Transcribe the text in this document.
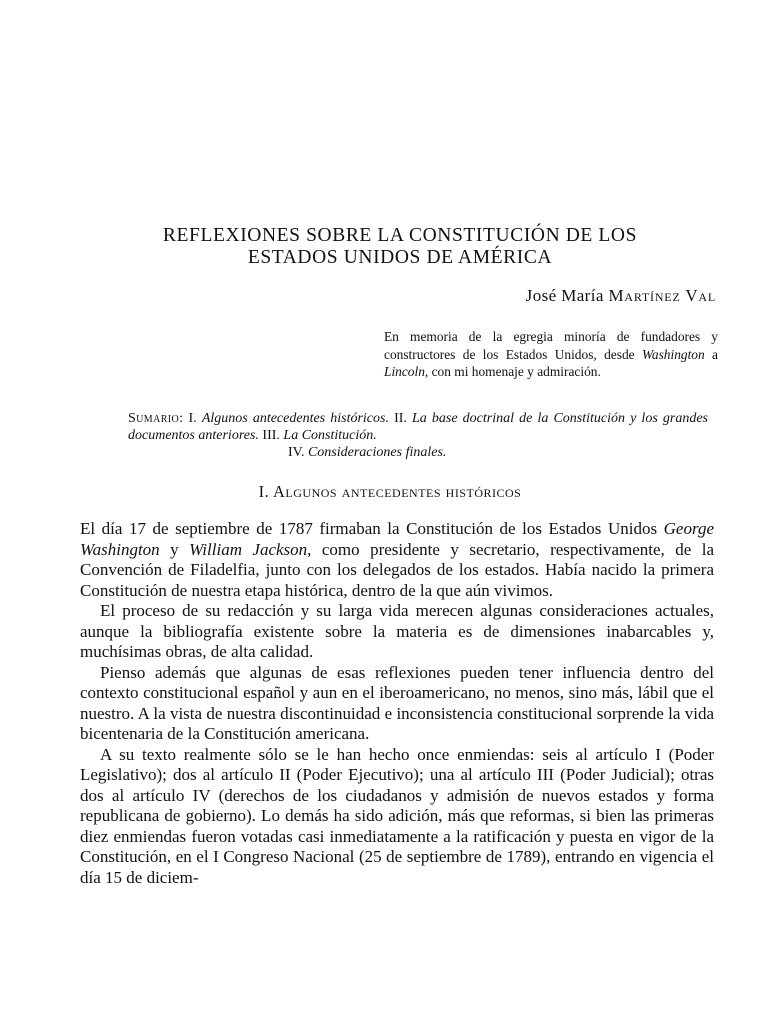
REFLEXIONES SOBRE LA CONSTITUCIÓN DE LOS
ESTADOS UNIDOS DE AMÉRICA
José María Martínez Val
En memoria de la egregia minoría de fundadores y constructores de los Estados Unidos, desde Washington a Lincoln, con mi homenaje y admiración.
Sumario: I. Algunos antecedentes históricos. II. La base doctrinal de la Constitución y los grandes documentos anteriores. III. La Constitución.
IV. Consideraciones finales.
I. Algunos antecedentes históricos

El día 17 de septiembre de 1787 firmaban la Constitución de los Estados Unidos George Washington y William Jackson, como presidente y secretario, respectivamente, de la Convención de Filadelfia, junto con los delegados de los estados. Había nacido la primera Constitución de nuestra etapa histórica, dentro de la que aún vivimos.

El proceso de su redacción y su larga vida merecen algunas consideraciones actuales, aunque la bibliografía existente sobre la materia es de dimensiones inabarcables y, muchísimas obras, de alta calidad.

Pienso además que algunas de esas reflexiones pueden tener influencia dentro del contexto constitucional español y aun en el iberoamericano, no menos, sino más, lábil que el nuestro. A la vista de nuestra discontinuidad e inconsistencia constitucional sorprende la vida bicentenaria de la Constitución americana.

A su texto realmente sólo se le han hecho once enmiendas: seis al artículo I (Poder Legislativo); dos al artículo II (Poder Ejecutivo); una al artículo III (Poder Judicial); otras dos al artículo IV (derechos de los ciudadanos y admisión de nuevos estados y forma republicana de gobierno). Lo demás ha sido adición, más que reformas, si bien las primeras diez enmiendas fueron votadas casi inmediatamente a la ratificación y puesta en vigor de la Constitución, en el I Congreso Nacional (25 de septiembre de 1789), entrando en vigencia el día 15 de diciem-
